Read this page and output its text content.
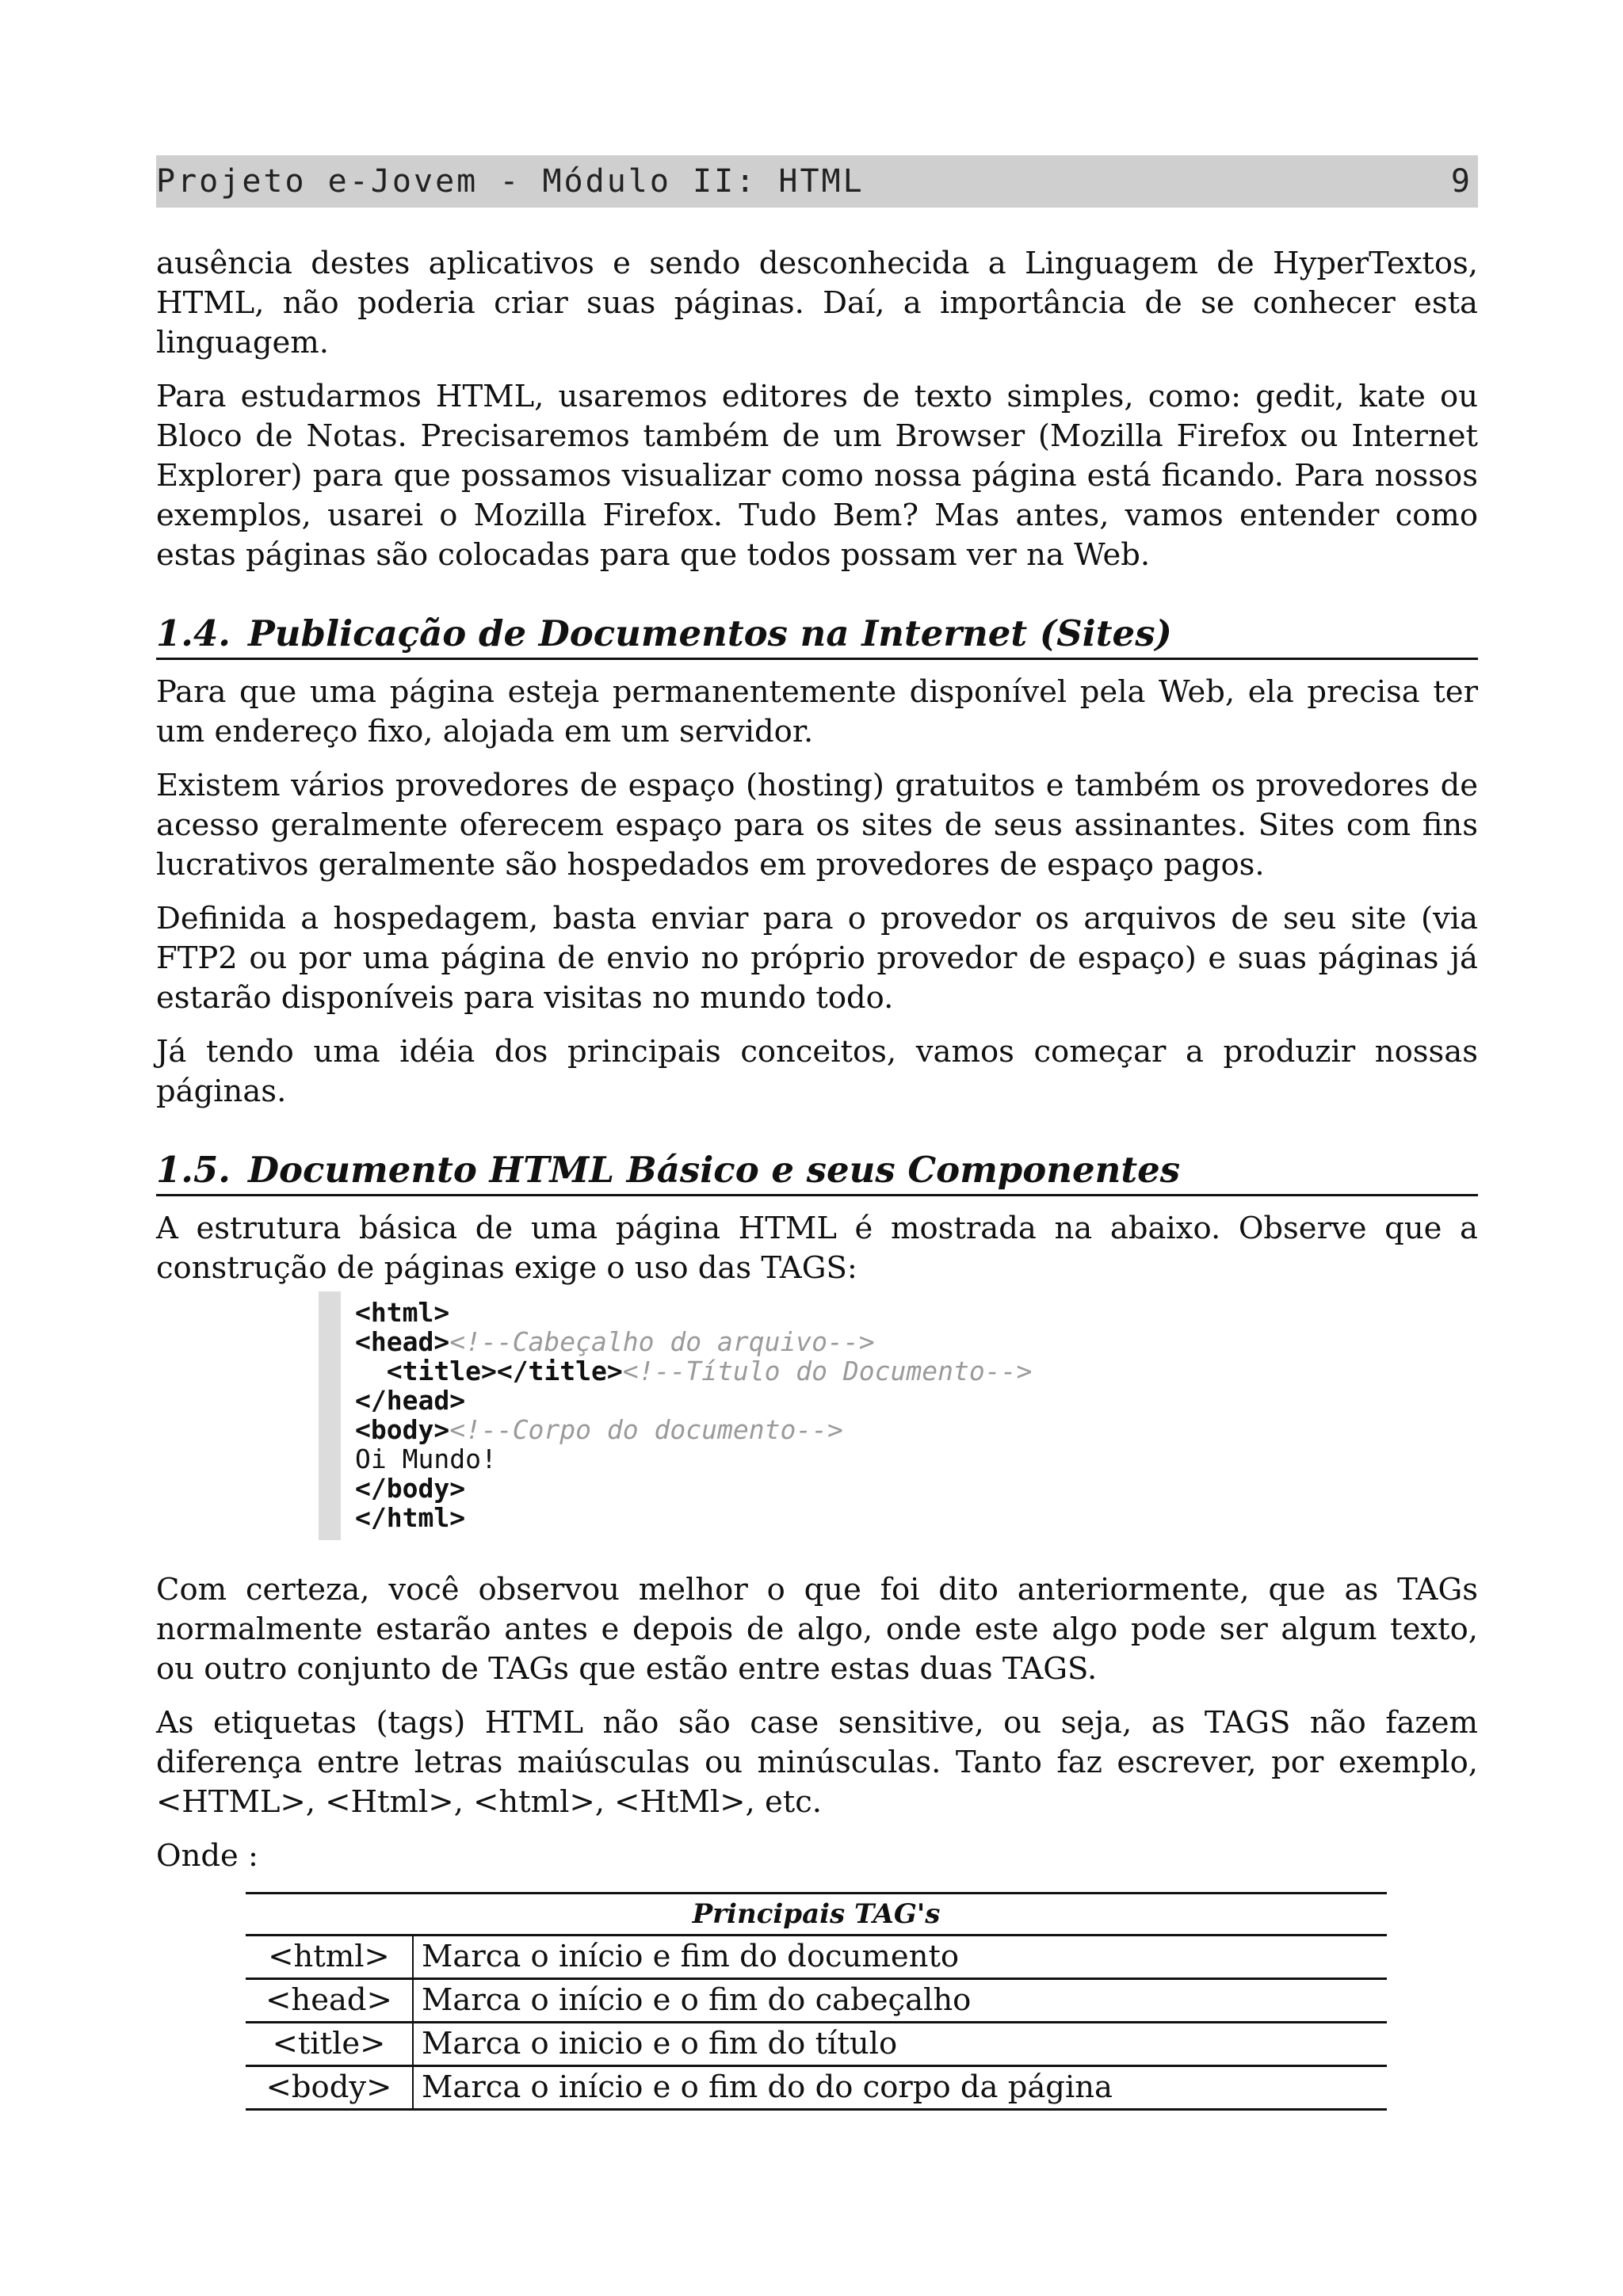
Projeto e-Jovem - Módulo II: HTML	9

ausência destes aplicativos e sendo desconhecida a Linguagem de HyperTextos, HTML, não poderia criar suas páginas. Daí, a importância de se conhecer esta linguagem.

Para estudarmos HTML, usaremos editores de texto simples, como: gedit, kate ou Bloco de Notas. Precisaremos também de um Browser (Mozilla Firefox ou Internet Explorer) para que possamos visualizar como nossa página está ficando. Para nossos exemplos, usarei o Mozilla Firefox. Tudo Bem? Mas antes, vamos entender como estas páginas são colocadas para que todos possam ver na Web.

1.4. Publicação de Documentos na Internet (Sites)

Para que uma página esteja permanentemente disponível pela Web, ela precisa ter um endereço fixo, alojada em um servidor.

Existem vários provedores de espaço (hosting) gratuitos e também os provedores de acesso geralmente oferecem espaço para os sites de seus assinantes. Sites com fins lucrativos geralmente são hospedados em provedores de espaço pagos.

Definida a hospedagem, basta enviar para o provedor os arquivos de seu site (via FTP2 ou por uma página de envio no próprio provedor de espaço) e suas páginas já estarão disponíveis para visitas no mundo todo.

Já tendo uma idéia dos principais conceitos, vamos começar a produzir nossas páginas.

1.5. Documento HTML Básico e seus Componentes

A estrutura básica de uma página HTML é mostrada na abaixo. Observe que a construção de páginas exige o uso das TAGS:

<html>
<head><!--Cabeçalho do arquivo-->
<title></title><!--Título do Documento-->
</head>
<body><!--Corpo do documento-->
Oi Mundo!
</body>
</html>

Com certeza, você observou melhor o que foi dito anteriormente, que as TAGs normalmente estarão antes e depois de algo, onde este algo pode ser algum texto, ou outro conjunto de TAGs que estão entre estas duas TAGS.

As etiquetas (tags) HTML não são case sensitive, ou seja, as TAGS não fazem diferença entre letras maiúsculas ou minúsculas. Tanto faz escrever, por exemplo, <HTML>, <Html>, <html>, <HtMl>, etc.

Onde :

Principais TAG's	
<html>	Marca o início e fim do documento
<head>	Marca o início e o fim do cabeçalho
<title>	Marca o inicio e o fim do título
<body>	Marca o início e o fim do do corpo da página
